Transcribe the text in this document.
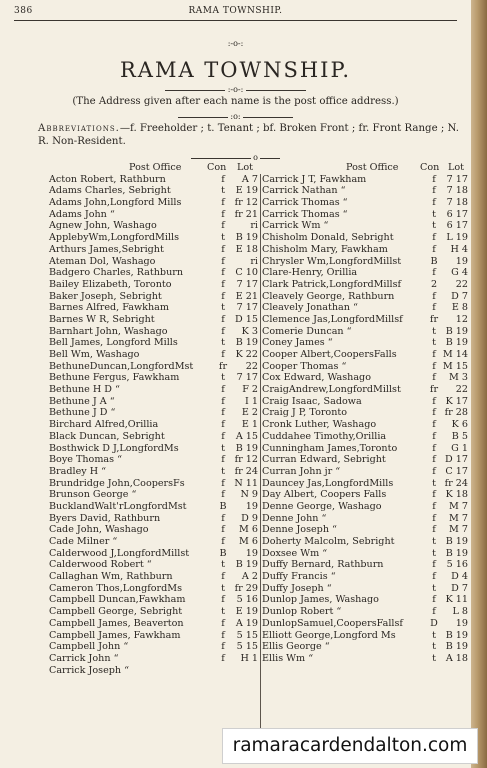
386	RAMA TOWNSHIP.
:-o-:
RAMA TOWNSHIP.
:-o-:
(The Address given after each name is the post office address.)
:o:
Abbreviations.—f. Freeholder ; t. Tenant ; bf. Broken Front ; fr. Front Range ; N. R. Non-Resident.
o
Post Office	Con Lot
Acton Robert, Rathburn	f	A 7
Adams Charles, Sebright	t	E 19
Adams John,Longford Mills	f	fr 12
Adams John “	f	fr 21
Agnew John, Washago	f	ri
ApplebyWm,LongfordMills	t	B 19
Arthurs James,Sebright	f	E 18
Ateman Dol, Washago	f	ri
Badgero Charles, Rathburn	f	C 10
Bailey Elizabeth, Toronto	f	7 17
Baker Joseph, Sebright	f	E 21
Barnes Alfred, Fawkham	t	7 17
Barnes W R, Sebright	f	D 15
Barnhart John, Washago	f	K 3
Bell James, Longford Mills	t	B 19
Bell Wm, Washago	f	K 22
BethuneDuncan,LongfordMst	fr	22
Bethune Fergus, Fawkham	t	7 17
Bethune H D “	f	F 2
Bethune J A “	f	I 1
Bethune J D “	f	E 2
Birchard Alfred,Orillia	f	E 1
Black Duncan, Sebright	f	A 15
Bosthwick D J,LongfordMs	t	B 19
Boye Thomas “	f	fr 12
Bradley H “	t	fr 24
Brundridge John,CoopersFs	f N 11
Brunson George “	f	N 9
BucklandWalt'rLongfordMst	B	19
Byers David, Rathburn	f	D 9
Cade John, Washago	f	M 6
Cade Milner “	f	M 6
Calderwood J,LongfordMillst	B	19
Calderwood Robert “	t	B 19
Callaghan Wm, Rathburn	f	A 2
Cameron Thos,LongfordMs	t	fr 29
Campbell Duncan,Fawkham	f	5 16
Campbell George, Sebright	t	E 19
Campbell James, Beaverton	f	A 19
Campbell James, Fawkham	f	5 15
Campbell John “	f	5 15
Carrick John “	f	H 1
Carrick Joseph “
Post Office Con Lot
Carrick J T, Fawkham	f	7 17
Carrick Nathan “	f	7 18
Carrick Thomas “	f	7 18
Carrick Thomas “	t	6 17
Carrick Wm “	t	6 17
Chisholm Donald, Sebright	f	L 19
Chisholm Mary, Fawkham	f	H 4
Chrysler Wm,LongfordMillst	B	19
Clare-Henry, Orillia	f	G 4
Clark Patrick,LongfordMillsf	2	22
Cleavely George, Rathburn	f	D 7
Cleavely Jonathan “	f	E 8
Clemence Jas,LongfordMillsf	fr	12
Comerie Duncan “	t	B 19
Coney James “	t	B 19
Cooper Albert,CoopersFalls	f M 14
Cooper Thomas “	f M 15
Cox Edward, Washago	f	M 3
CraigAndrew,LongfordMillst	fr	22
Craig Isaac, Sadowa	f	K 17
Craig J P, Toronto	f fr 28
Cronk Luther, Washago	f	K 6
Cuddahee Timothy,Orillia	f	B 5
Cunningham James,Toronto	f	G 1
Curran Edward, Sebright	f D 17
Curran John jr “	f	C 17
Dauncey Jas,LongfordMills	t fr 24
Day Albert, Coopers Falls	f	K 18
Denne George, Washago	f	M 7
Denne John “	f	M 7
Denne Joseph “	f	M 7
Doherty Malcolm, Sebright	t	B 19
Doxsee Wm “	t	B 19
Duffy Bernard, Rathburn	f	5 16
Duffy Francis “	f	D 4
Duffy Joseph “	t	D 7
Dunlop James, Washago	f	K 11
Dunlop Robert “	f	L 8
DunlopSamuel,CoopersFallsf	D	19
Elliott George,Longford Ms	t	B 19
Ellis George “	t	B 19
Ellis Wm “	t	A 18
ramaracardendalton.com
